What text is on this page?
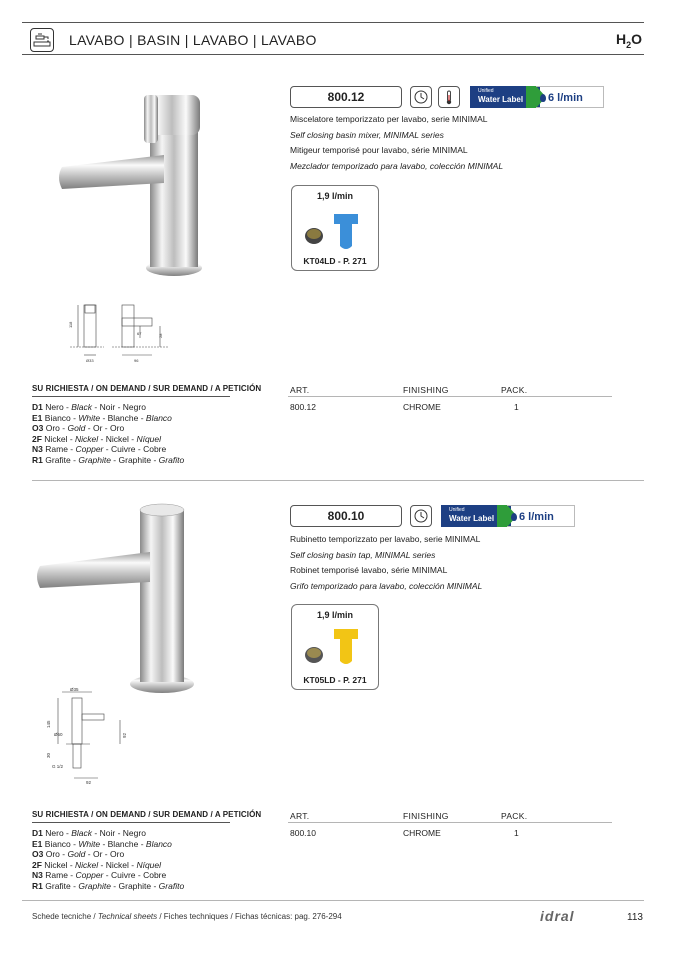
LAVABO | BASIN | LAVABO | LAVABO	$H_2O$
118
Ø33
67	28
96
800.12	Unified
Water Label	6 l/min
Miscelatore temporizzato per lavabo, serie MINIMAL
Self closing basin mixer, MINIMAL series
Mitigeur temporisé pour lavabo, série MINIMAL
Mezclador temporizado para lavabo, colección MINIMAL
1,9 l/min
KT04LD - P. 271
SU RICHIESTA / ON DEMAND / SUR DEMAND / A PETICIÓN
D1 Nero - Black - Noir - Negro
E1 Bianco - White - Blanche - Blanco
O3 Oro - Gold - Or - Oro
2F Nickel - Nickel - Nickel - Níquel
N3 Rame - Copper - Cuivre - Cobre
R1 Grafite - Graphite - Graphite - Grafito
ART.	FINISHING	PACK.
800.12	CHROME	1
Ø35
145
Ø50	92
30
G 1/2
92
800.10	Unified
Water Label	6 l/min
Rubinetto temporizzato per lavabo, serie MINIMAL
Self closing basin tap, MINIMAL series
Robinet temporisé lavabo, série MINIMAL
Grifo temporizado para lavabo, colección MINIMAL
1,9 l/min
KT05LD - P. 271
SU RICHIESTA / ON DEMAND / SUR DEMAND / A PETICIÓN
D1 Nero - Black - Noir - Negro
E1 Bianco - White - Blanche - Blanco
O3 Oro - Gold - Or - Oro
2F Nickel - Nickel - Nickel - Níquel
N3 Rame - Copper - Cuivre - Cobre
R1 Grafite - Graphite - Graphite - Grafito
ART.	FINISHING	PACK.
800.10	CHROME	1
Schede tecniche / Technical sheets / Fiches techniques / Fichas técnicas: pag. 276-294	idral	113
